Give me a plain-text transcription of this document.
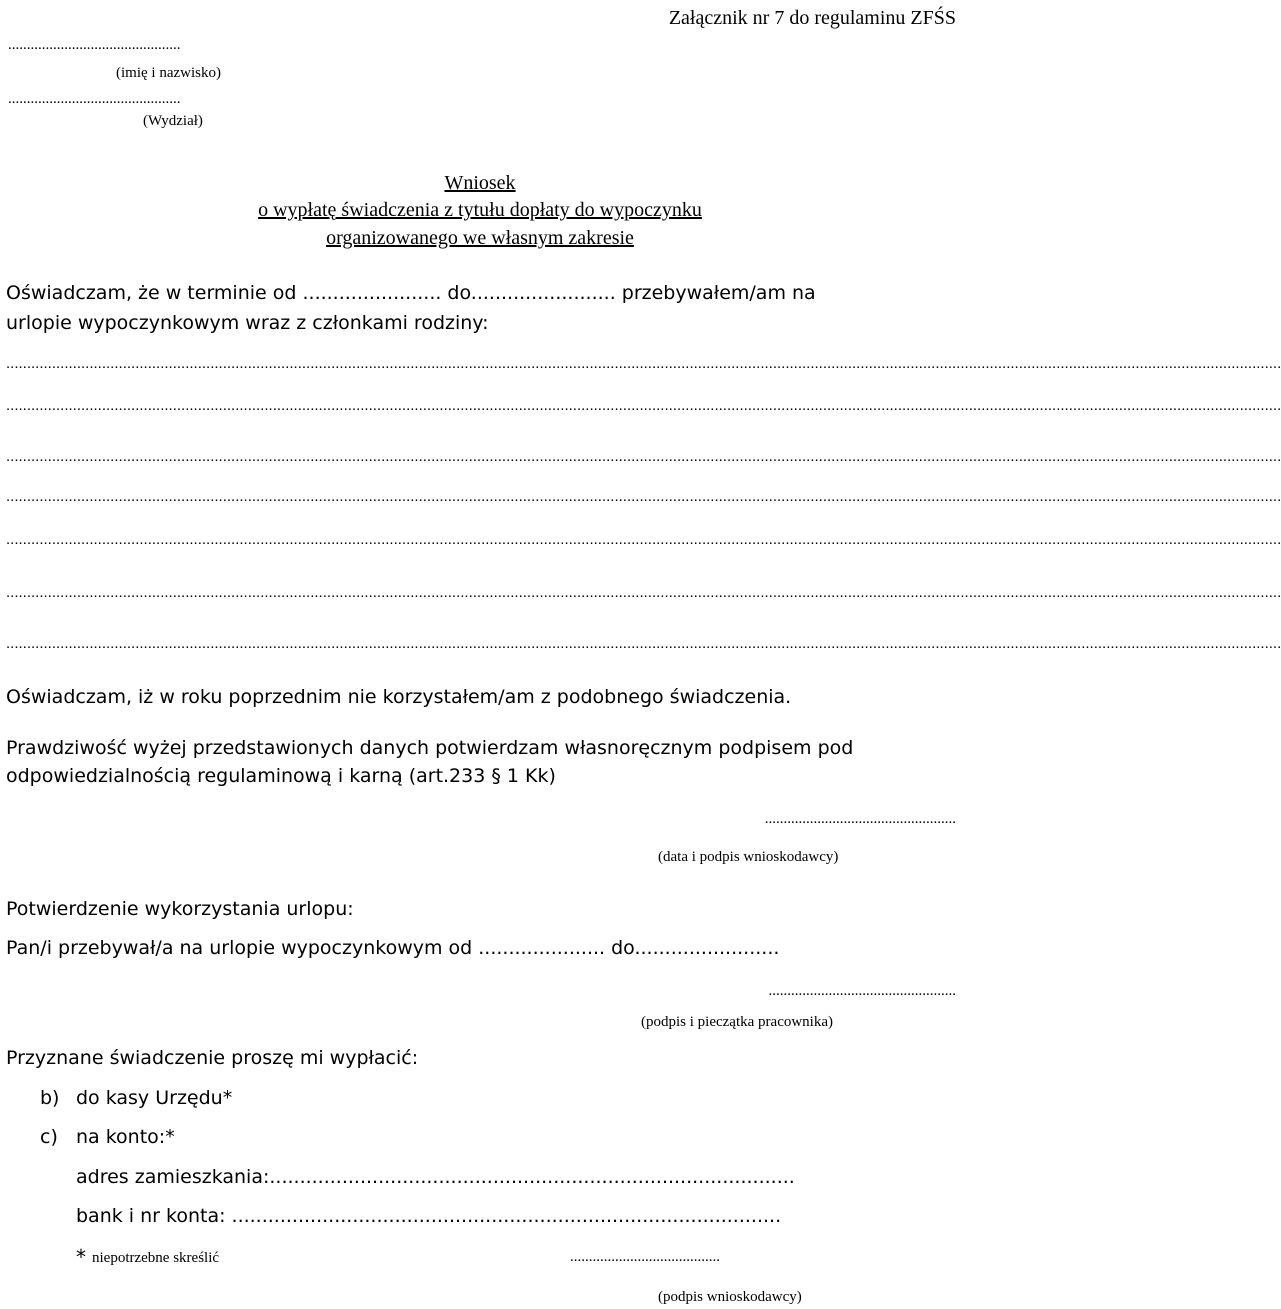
Załącznik nr 7 do regulaminu ZFŚS
..............................................
(imię i nazwisko)
..............................................
(Wydział)
Wniosek
o wypłatę świadczenia z tytułu dopłaty do wypoczynku
organizowanego we własnym zakresie
Oświadczam, że w terminie od ....................... do........................ przebywałem/am na
urlopie wypoczynkowym wraz z członkami rodziny:
..................................................................................................................................................................................................................................................................................................................
..................................................................................................................................................................................................................................................................................................................
..................................................................................................................................................................................................................................................................................................................
..................................................................................................................................................................................................................................................................................................................
..................................................................................................................................................................................................................................................................................................................
..................................................................................................................................................................................................................................................................................................................
..................................................................................................................................................................................................................................................................................................................
Oświadczam, iż w roku poprzednim nie korzystałem/am z podobnego świadczenia.
Prawdziwość wyżej przedstawionych danych potwierdzam własnoręcznym podpisem pod
odpowiedzialnością regulaminową i karną (art.233 § 1 Kk)
...................................................
(data i podpis wnioskodawcy)
Potwierdzenie wykorzystania urlopu:
Pan/i przebywał/a na urlopie wypoczynkowym od ..................... do........................
..................................................
(podpis i pieczątka pracownika)
Przyznane świadczenie proszę mi wypłacić:
b) do kasy Urzędu*
c) na konto:*
adres zamieszkania:.......................................................................................
bank i nr konta: ...........................................................................................
* niepotrzebne skreślić	........................................
(podpis wnioskodawcy)
